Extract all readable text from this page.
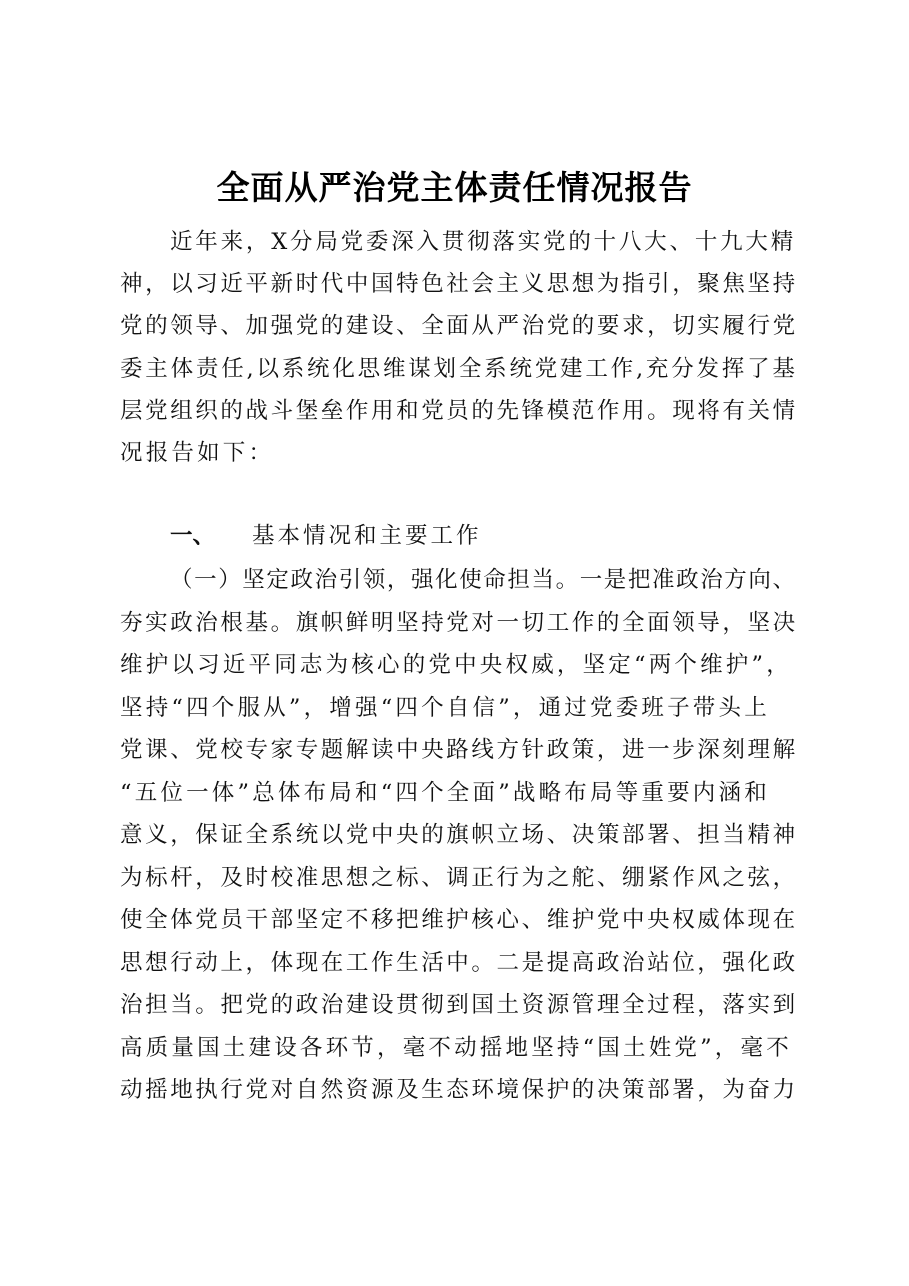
全面从严治党主体责任情况报告
近年来，X分局党委深入贯彻落实党的十八大、十九大精
神，以习近平新时代中国特色社会主义思想为指引，聚焦坚持
党的领导、加强党的建设、全面从严治党的要求，切实履行党
委主体责任,以系统化思维谋划全系统党建工作,充分发挥了基
层党组织的战斗堡垒作用和党员的先锋模范作用。现将有关情
况报告如下：
一、 基本情况和主要工作
（一）坚定政治引领，强化使命担当。一是把准政治方向、
夯实政治根基。旗帜鲜明坚持党对一切工作的全面领导，坚决
维护以习近平同志为核心的党中央权威，坚定“两个维护”，
坚持“四个服从”，增强“四个自信”，通过党委班子带头上
党课、党校专家专题解读中央路线方针政策，进一步深刻理解
“五位一体”总体布局和“四个全面”战略布局等重要内涵和
意义，保证全系统以党中央的旗帜立场、决策部署、担当精神
为标杆，及时校准思想之标、调正行为之舵、绷紧作风之弦，
使全体党员干部坚定不移把维护核心、维护党中央权威体现在
思想行动上，体现在工作生活中。二是提高政治站位，强化政
治担当。把党的政治建设贯彻到国土资源管理全过程，落实到
高质量国土建设各环节，毫不动摇地坚持“国土姓党”，毫不
动摇地执行党对自然资源及生态环境保护的决策部署，为奋力
